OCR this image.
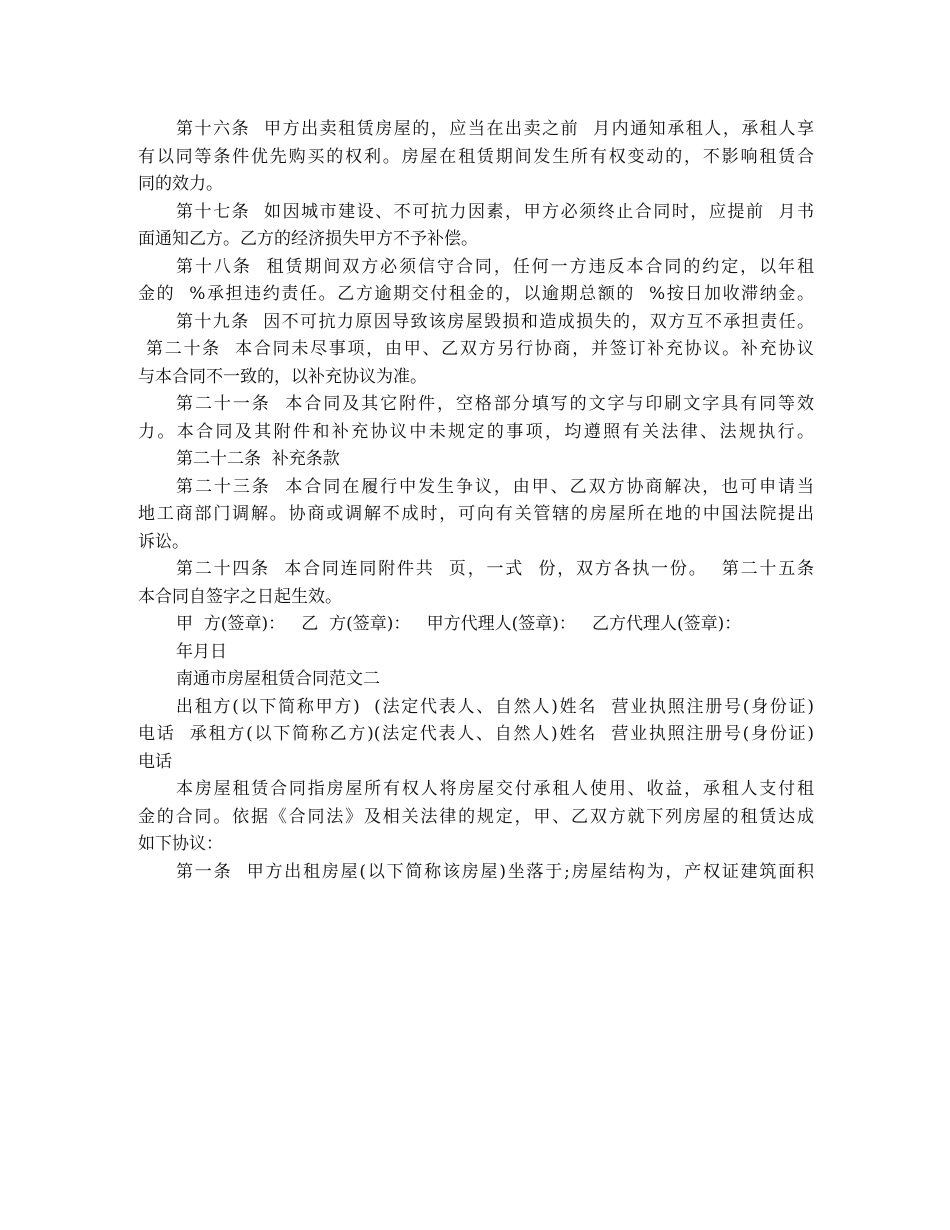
第十六条  甲方出卖租赁房屋的，应当在出卖之前  月内通知承租人，承租人享
有以同等条件优先购买的权利。房屋在租赁期间发生所有权变动的，不影响租赁合
同的效力。
第十七条  如因城市建设、不可抗力因素，甲方必须终止合同时，应提前  月书
面通知乙方。乙方的经济损失甲方不予补偿。
第十八条  租赁期间双方必须信守合同，任何一方违反本合同的约定，以年租
金的  %承担违约责任。乙方逾期交付租金的，以逾期总额的  %按日加收滞纳金。
第十九条  因不可抗力原因导致该房屋毁损和造成损失的，双方互不承担责任。
第二十条  本合同未尽事项，由甲、乙双方另行协商，并签订补充协议。补充协议
与本合同不一致的，以补充协议为准。
第二十一条  本合同及其它附件，空格部分填写的文字与印刷文字具有同等效
力。本合同及其附件和补充协议中未规定的事项，均遵照有关法律、法规执行。
第二十二条  补充条款
第二十三条  本合同在履行中发生争议，由甲、乙双方协商解决，也可申请当
地工商部门调解。协商或调解不成时，可向有关管辖的房屋所在地的中国法院提出
诉讼。
第二十四条  本合同连同附件共  页，一式  份，双方各执一份。  第二十五条
本合同自签字之日起生效。
甲  方(签章)：   乙  方(签章)：   甲方代理人(签章)：   乙方代理人(签章)：
年月日
南通市房屋租赁合同范文二
出租方(以下简称甲方)  (法定代表人、自然人)姓名  营业执照注册号(身份证)
电话  承租方(以下简称乙方)(法定代表人、自然人)姓名  营业执照注册号(身份证)
电话
本房屋租赁合同指房屋所有权人将房屋交付承租人使用、收益，承租人支付租
金的合同。依据《合同法》及相关法律的规定，甲、乙双方就下列房屋的租赁达成
如下协议：
第一条  甲方出租房屋(以下简称该房屋)坐落于;房屋结构为，产权证建筑面积
